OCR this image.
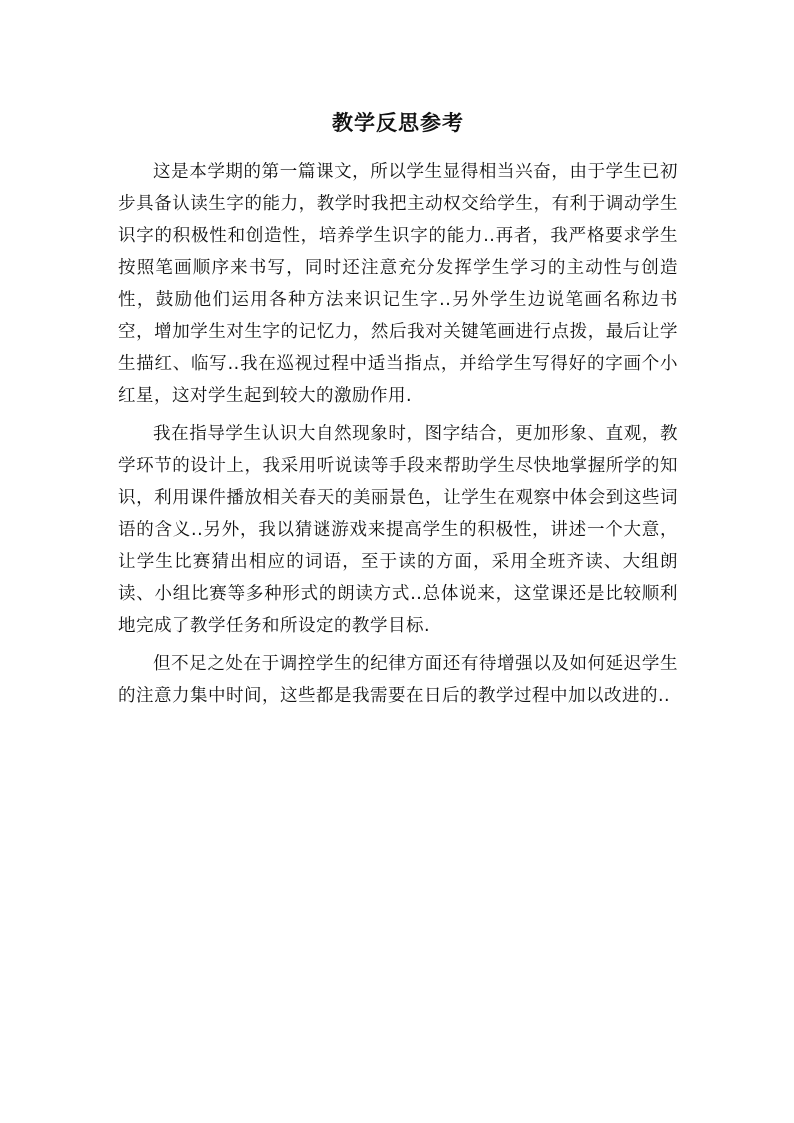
教学反思参考

这是本学期的第一篇课文，所以学生显得相当兴奋，由于学生已初步具备认读生字的能力，教学时我把主动权交给学生，有利于调动学生识字的积极性和创造性，培养学生识字的能力..再者，我严格要求学生按照笔画顺序来书写，同时还注意充分发挥学生学习的主动性与创造性，鼓励他们运用各种方法来识记生字..另外学生边说笔画名称边书空，增加学生对生字的记忆力，然后我对关键笔画进行点拨，最后让学生描红、临写..我在巡视过程中适当指点，并给学生写得好的字画个小红星，这对学生起到较大的激励作用.

我在指导学生认识大自然现象时，图字结合，更加形象、直观，教学环节的设计上，我采用听说读等手段来帮助学生尽快地掌握所学的知识，利用课件播放相关春天的美丽景色，让学生在观察中体会到这些词语的含义..另外，我以猜谜游戏来提高学生的积极性，讲述一个大意，让学生比赛猜出相应的词语，至于读的方面，采用全班齐读、大组朗读、小组比赛等多种形式的朗读方式..总体说来，这堂课还是比较顺利地完成了教学任务和所设定的教学目标.

但不足之处在于调控学生的纪律方面还有待增强以及如何延迟学生的注意力集中时间，这些都是我需要在日后的教学过程中加以改进的..
